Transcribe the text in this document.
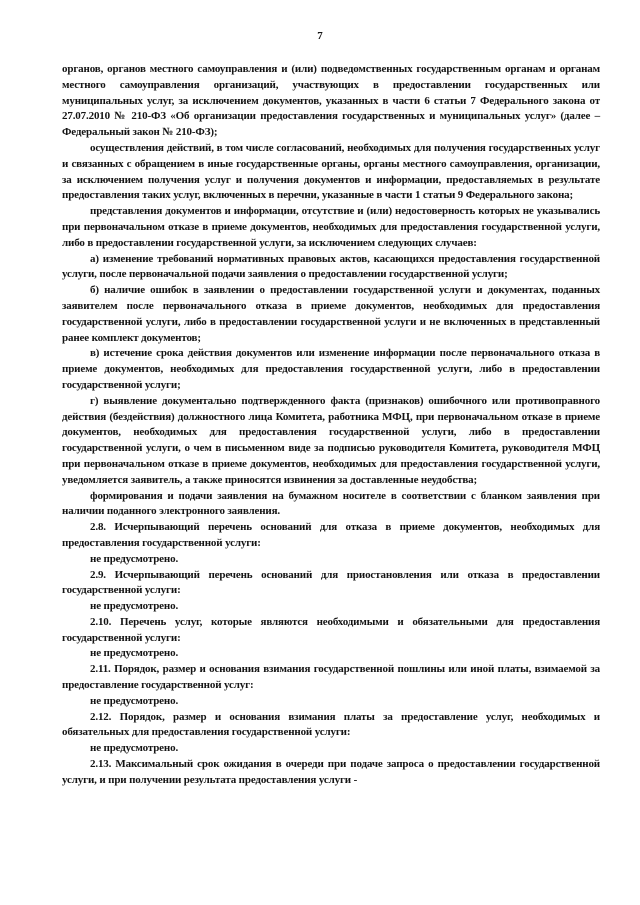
7

органов, органов местного самоуправления и (или) подведомственных государственным органам и органам местного самоуправления организаций, участвующих в предоставлении государственных или муниципальных услуг, за исключением документов, указанных в части 6 статьи 7 Федерального закона от 27.07.2010 № 210-ФЗ «Об организации предоставления государственных и муниципальных услуг» (далее – Федеральный закон № 210-ФЗ);

осуществления действий, в том числе согласований, необходимых для получения государственных услуг и связанных с обращением в иные государственные органы, органы местного самоуправления, организации, за исключением получения услуг и получения документов и информации, предоставляемых в результате предоставления таких услуг, включенных в перечни, указанные в части 1 статьи 9 Федерального закона;

представления документов и информации, отсутствие и (или) недостоверность которых не указывались при первоначальном отказе в приеме документов, необходимых для предоставления государственной услуги, либо в предоставлении государственной услуги, за исключением следующих случаев:

а) изменение требований нормативных правовых актов, касающихся предоставления государственной услуги, после первоначальной подачи заявления о предоставлении государственной услуги;

б) наличие ошибок в заявлении о предоставлении государственной услуги и документах, поданных заявителем после первоначального отказа в приеме документов, необходимых для предоставления государственной услуги, либо в предоставлении государственной услуги и не включенных в представленный ранее комплект документов;

в) истечение срока действия документов или изменение информации после первоначального отказа в приеме документов, необходимых для предоставления государственной услуги, либо в предоставлении государственной услуги;

г) выявление документально подтвержденного факта (признаков) ошибочного или противоправного действия (бездействия) должностного лица Комитета, работника МФЦ, при первоначальном отказе в приеме документов, необходимых для предоставления государственной услуги, либо в предоставлении государственной услуги, о чем в письменном виде за подписью руководителя Комитета, руководителя МФЦ при первоначальном отказе в приеме документов, необходимых для предоставления государственной услуги, уведомляется заявитель, а также приносятся извинения за доставленные неудобства;

формирования и подачи заявления на бумажном носителе в соответствии с бланком заявления при наличии поданного электронного заявления.

2.8. Исчерпывающий перечень оснований для отказа в приеме документов, необходимых для предоставления государственной услуги:

не предусмотрено.

2.9. Исчерпывающий перечень оснований для приостановления или отказа в предоставлении государственной услуги:

не предусмотрено.

2.10. Перечень услуг, которые являются необходимыми и обязательными для предоставления государственной услуги:

не предусмотрено.

2.11. Порядок, размер и основания взимания государственной пошлины или иной платы, взимаемой за предоставление государственной услуг:

не предусмотрено.

2.12. Порядок, размер и основания взимания платы за предоставление услуг, необходимых и обязательных для предоставления государственной услуги:

не предусмотрено.

2.13. Максимальный срок ожидания в очереди при подаче запроса о предоставлении государственной услуги, и при получении результата предоставления услуги -
